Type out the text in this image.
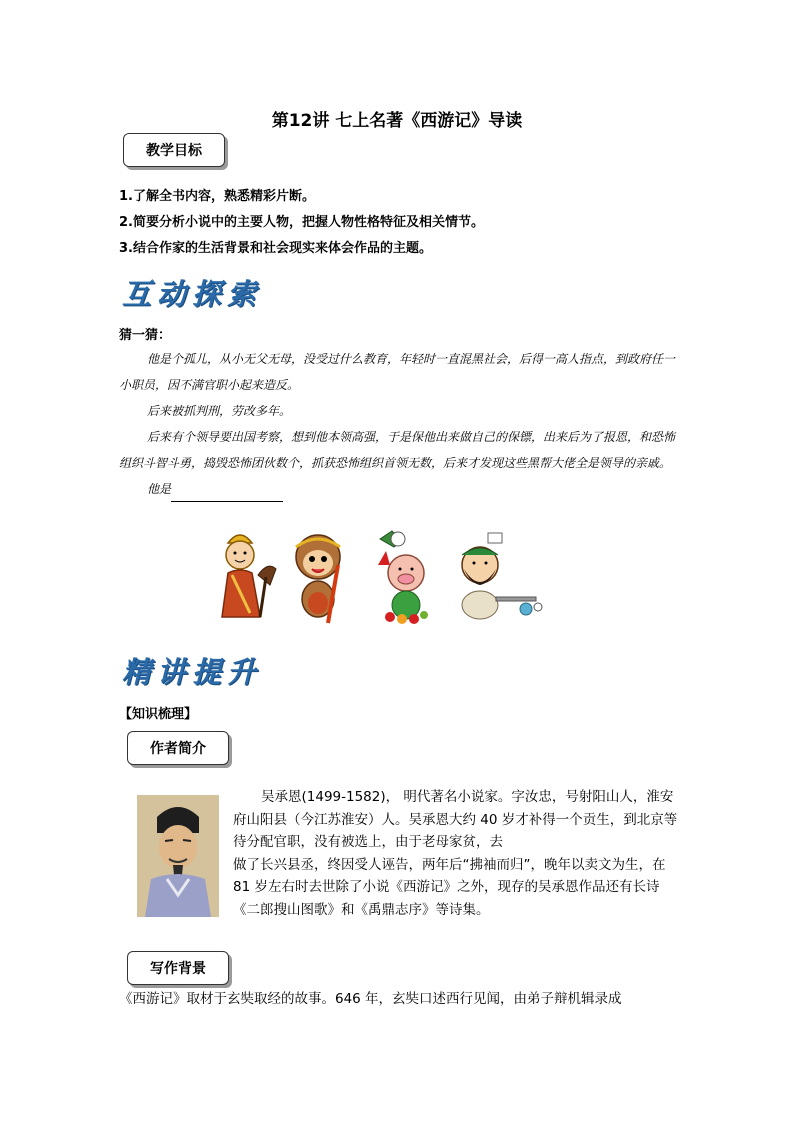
第12讲 七上名著《西游记》导读
教学目标
1.了解全书内容，熟悉精彩片断。
2.简要分析小说中的主要人物，把握人物性格特征及相关情节。
3.结合作家的生活背景和社会现实来体会作品的主题。
互动探索
猜一猜：

他是个孤儿，从小无父无母，没受过什么教育，年轻时一直混黑社会，后得一高人指点，到政府任一小职员，因不满官职小起来造反。

后来被抓判刑，劳改多年。

后来有个领导要出国考察，想到他本领高强，于是保他出来做自己的保镖，出来后为了报恩，和恐怖组织斗智斗勇，捣毁恐怖团伙数个，抓获恐怖组织首领无数，后来才发现这些黑帮大佬全是领导的亲戚。

他是

精讲提升
【知识梳理】
作者简介

吴承恩(1499-1582)， 明代著名小说家。字汝忠，号射阳山人，淮安府山阳县（今江苏淮安）人。吴承恩大约 40 岁才补得一个贡生，到北京等待分配官职，没有被选上，由于老母家贫，去

做了长兴县丞，终因受人诬告，两年后“拂袖而归”，晚年以卖文为生，在 81 岁左右时去世除了小说《西游记》之外，现存的吴承恩作品还有长诗《二郎搜山图歌》和《禹鼎志序》等诗集。

写作背景
《西游记》取材于玄奘取经的故事。646 年，玄奘口述西行见闻，由弟子辩机辑录成
